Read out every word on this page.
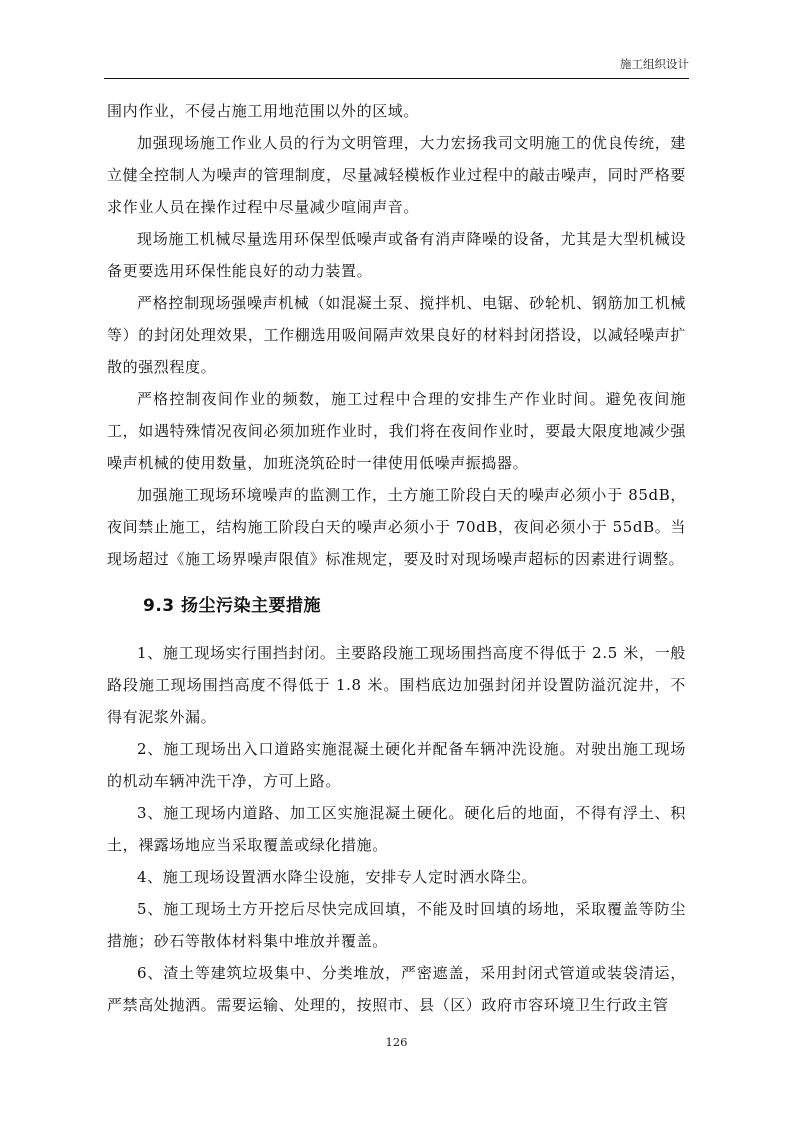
施工组织设计

围内作业，不侵占施工用地范围以外的区域。

加强现场施工作业人员的行为文明管理，大力宏扬我司文明施工的优良传统，建立健全控制人为噪声的管理制度，尽量减轻模板作业过程中的敲击噪声，同时严格要求作业人员在操作过程中尽量减少喧闹声音。

现场施工机械尽量选用环保型低噪声或备有消声降噪的设备，尤其是大型机械设备更要选用环保性能良好的动力装置。

严格控制现场强噪声机械（如混凝土泵、搅拌机、电锯、砂轮机、钢筋加工机械等）的封闭处理效果，工作棚选用吸间隔声效果良好的材料封闭搭设，以减轻噪声扩散的强烈程度。

严格控制夜间作业的频数，施工过程中合理的安排生产作业时间。避免夜间施工，如遇特殊情况夜间必须加班作业时，我们将在夜间作业时，要最大限度地减少强噪声机械的使用数量，加班浇筑砼时一律使用低噪声振捣器。

加强施工现场环境噪声的监测工作，土方施工阶段白天的噪声必须小于 85dB，夜间禁止施工，结构施工阶段白天的噪声必须小于 70dB，夜间必须小于 55dB。当现场超过《施工场界噪声限值》标准规定，要及时对现场噪声超标的因素进行调整。

9.3 扬尘污染主要措施

1、施工现场实行围挡封闭。主要路段施工现场围挡高度不得低于 2.5 米，一般路段施工现场围挡高度不得低于 1.8 米。围档底边加强封闭并设置防溢沉淀井，不得有泥浆外漏。

2、施工现场出入口道路实施混凝土硬化并配备车辆冲洗设施。对驶出施工现场的机动车辆冲洗干净，方可上路。

3、施工现场内道路、加工区实施混凝土硬化。硬化后的地面，不得有浮土、积土，裸露场地应当采取覆盖或绿化措施。

4、施工现场设置洒水降尘设施，安排专人定时洒水降尘。

5、施工现场土方开挖后尽快完成回填，不能及时回填的场地，采取覆盖等防尘措施；砂石等散体材料集中堆放并覆盖。

6、渣土等建筑垃圾集中、分类堆放，严密遮盖，采用封闭式管道或装袋清运，严禁高处抛洒。需要运输、处理的，按照市、县（区）政府市容环境卫生行政主管

126
